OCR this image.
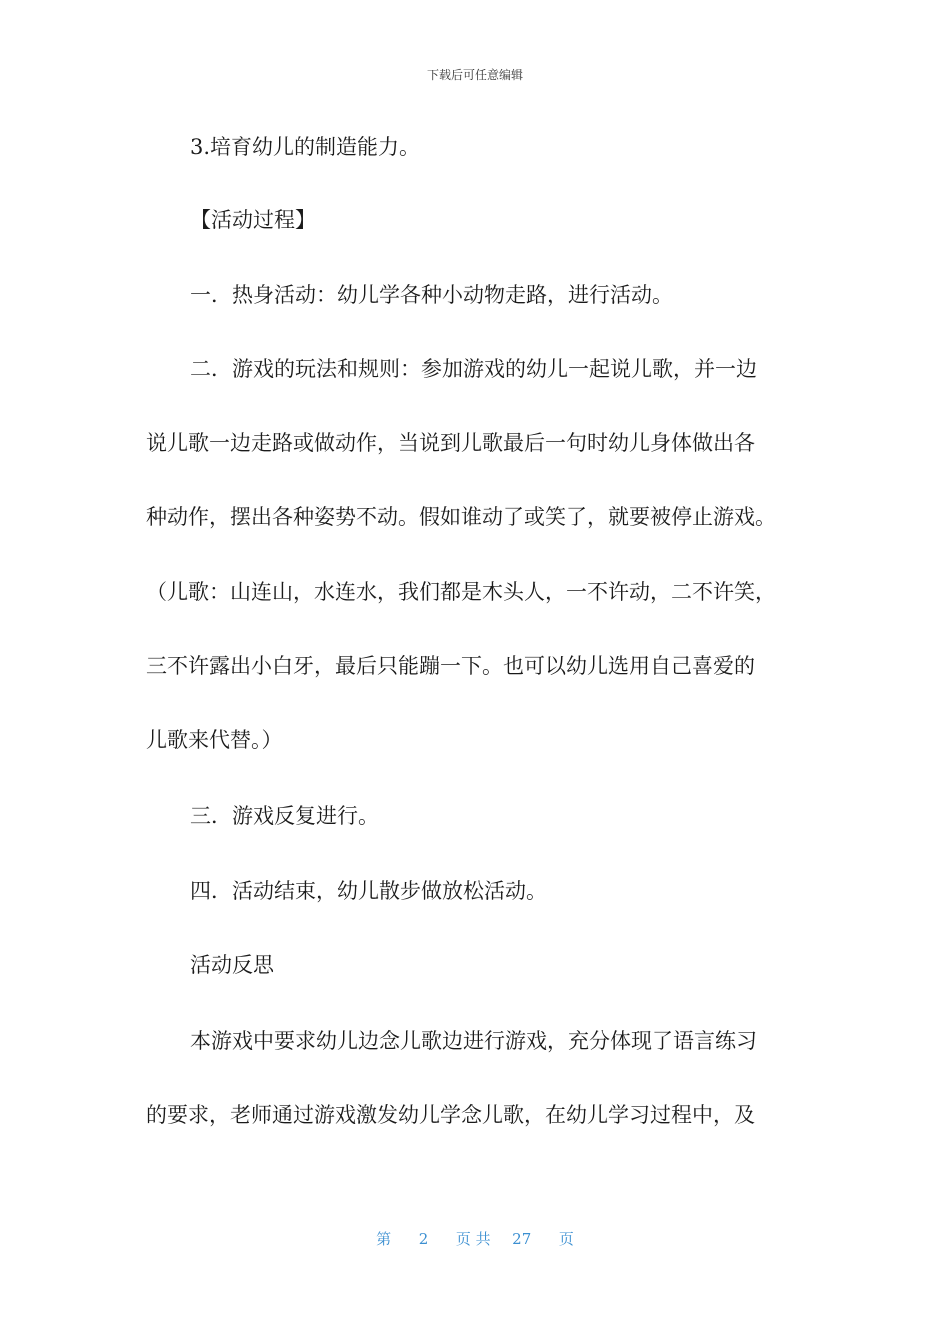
下载后可任意编辑
3.培育幼儿的制造能力。
【活动过程】
一．热身活动：幼儿学各种小动物走路，进行活动。
二．游戏的玩法和规则：参加游戏的幼儿一起说儿歌，并一边
说儿歌一边走路或做动作，当说到儿歌最后一句时幼儿身体做出各
种动作，摆出各种姿势不动。假如谁动了或笑了，就要被停止游戏。
（儿歌：山连山，水连水，我们都是木头人，一不许动，二不许笑，
三不许露出小白牙，最后只能蹦一下。也可以幼儿选用自己喜爱的
儿歌来代替。）
三．游戏反复进行。
四．活动结束，幼儿散步做放松活动。
活动反思
本游戏中要求幼儿边念儿歌边进行游戏，充分体现了语言练习
的要求，老师通过游戏激发幼儿学念儿歌，在幼儿学习过程中，及
第 2 页 共 27 页
